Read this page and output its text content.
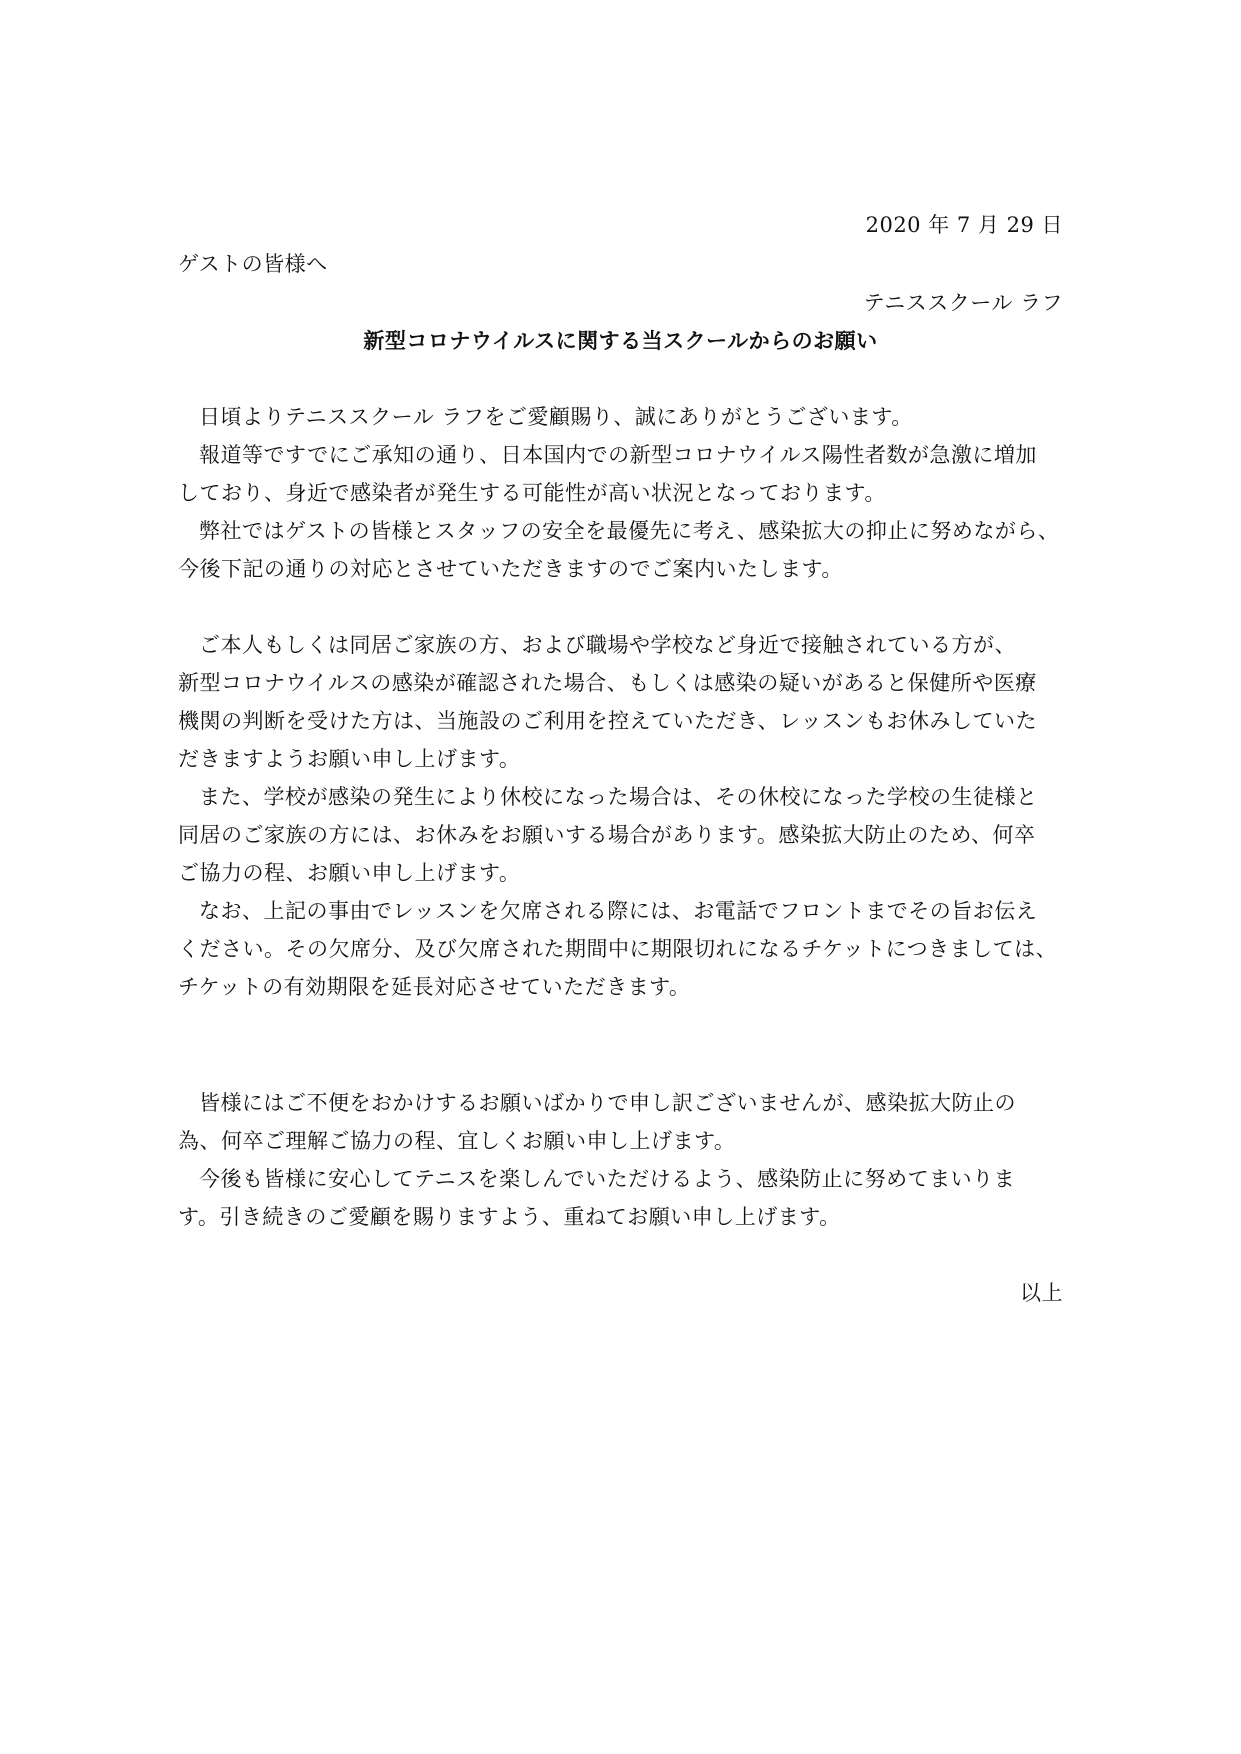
2020 年 7 月 29 日
ゲストの皆様へ
テニススクール ラフ
新型コロナウイルスに関する当スクールからのお願い
日頃よりテニススクール ラフをご愛顧賜り、誠にありがとうございます。
報道等ですでにご承知の通り、日本国内での新型コロナウイルス陽性者数が急激に増加
しており、身近で感染者が発生する可能性が高い状況となっております。
弊社ではゲストの皆様とスタッフの安全を最優先に考え、感染拡大の抑止に努めながら、
今後下記の通りの対応とさせていただきますのでご案内いたします。
ご本人もしくは同居ご家族の方、および職場や学校など身近で接触されている方が、
新型コロナウイルスの感染が確認された場合、もしくは感染の疑いがあると保健所や医療
機関の判断を受けた方は、当施設のご利用を控えていただき、レッスンもお休みしていた
だきますようお願い申し上げます。
また、学校が感染の発生により休校になった場合は、その休校になった学校の生徒様と
同居のご家族の方には、お休みをお願いする場合があります。感染拡大防止のため、何卒
ご協力の程、お願い申し上げます。
なお、上記の事由でレッスンを欠席される際には、お電話でフロントまでその旨お伝え
ください。その欠席分、及び欠席された期間中に期限切れになるチケットにつきましては、
チケットの有効期限を延長対応させていただきます。
皆様にはご不便をおかけするお願いばかりで申し訳ございませんが、感染拡大防止の
為、何卒ご理解ご協力の程、宜しくお願い申し上げます。
今後も皆様に安心してテニスを楽しんでいただけるよう、感染防止に努めてまいりま
す。引き続きのご愛顧を賜りますよう、重ねてお願い申し上げます。
以上
